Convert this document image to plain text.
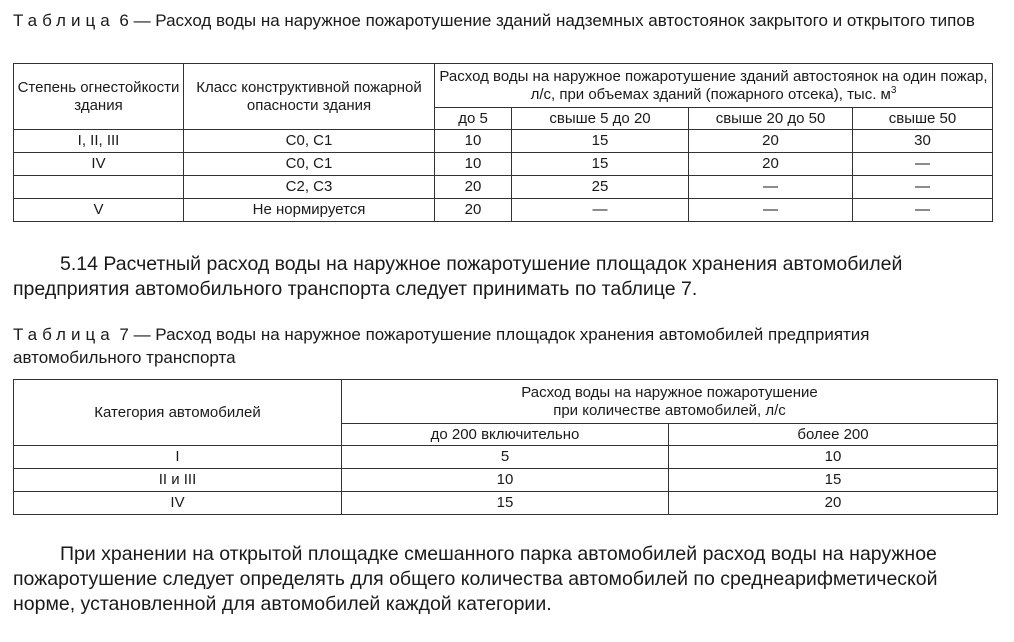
Таблица 6 — Расход воды на наружное пожаротушение зданий надземных автостоянок закрытого и открытого типов
Степень огнестойкости здания	Класс конструктивной пожарной опасности здания	Расход воды на наружное пожаротушение зданий автостоянок на один пожар, л/с, при объемах зданий (пожарного отсека), тыс. $м^3$
		до 5	свыше 5 до 20	свыше 20 до 50	свыше 50
I, II, III	С0, С1	10	15	20	30
IV	С0, С1	10	15	20	—
	С2, С3	20	25	—	—
V	Не нормируется	20	—	—	—

5.14 Расчетный расход воды на наружное пожаротушение площадок хранения автомобилей предприятия автомобильного транспорта следует принимать по таблице 7.

Таблица 7 — Расход воды на наружное пожаротушение площадок хранения автомобилей предприятия автомобильного транспорта
Категория автомобилей	Расход воды на наружное пожаротушение
при количестве автомобилей, л/с	

	до 200 включительно	более 200
I	5	10
II и III	10	15
IV	15	20

При хранении на открытой площадке смешанного парка автомобилей расход воды на наружное пожаротушение следует определять для общего количества автомобилей по среднеарифметической норме, установленной для автомобилей каждой категории.
